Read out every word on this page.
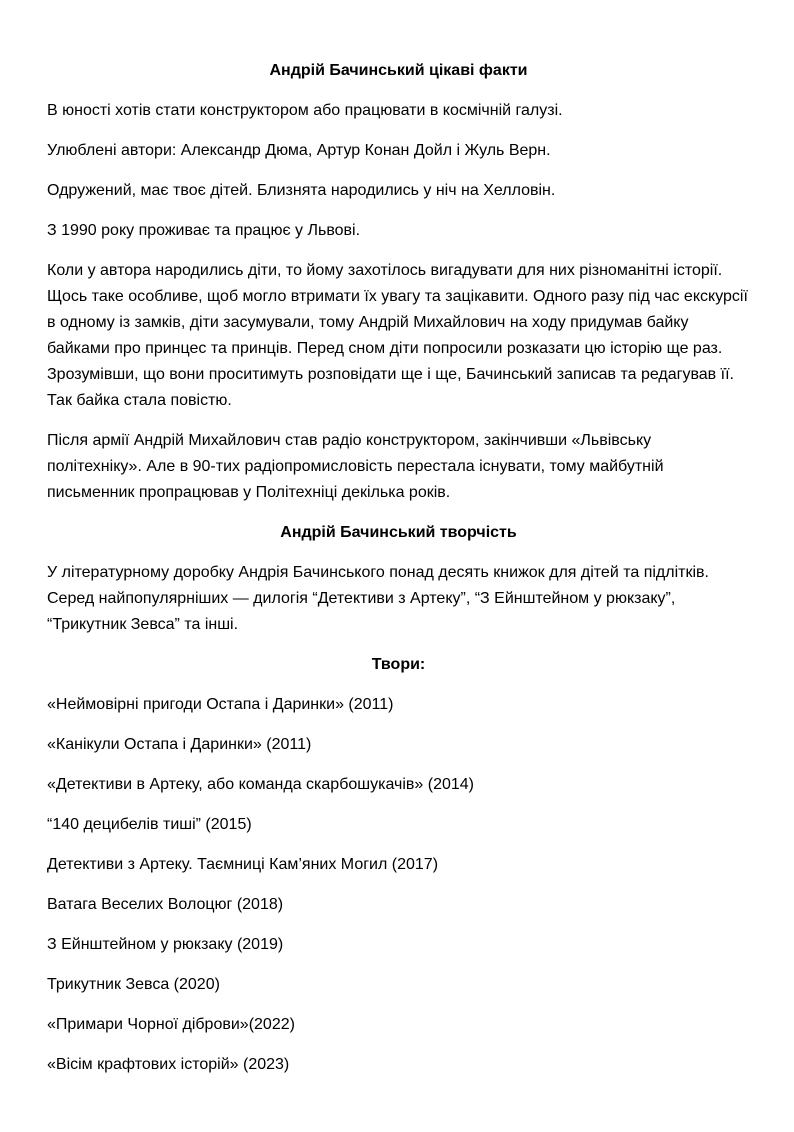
Андрій Бачинський цікаві факти

В юності хотів стати конструктором або працювати в космічній галузі.

Улюблені автори: Александр Дюма, Артур Конан Дойл і Жуль Верн.

Одружений, має твоє дітей. Близнята народились у ніч на Хелловін.

З 1990 року проживає та працює у Львові.

Коли у автора народились діти, то йому захотілось вигадувати для них різноманітні історії. Щось таке особливе, щоб могло втримати їх увагу та зацікавити. Одного разу під час екскурсії в одному із замків, діти засумували, тому Андрій Михайлович на ходу придумав байку байками про принцес та принців. Перед сном діти попросили розказати цю історію ще раз. Зрозумівши, що вони проситимуть розповідати ще і ще, Бачинський записав та редагував її. Так байка стала повістю.

Після армії Андрій Михайлович став радіо конструктором, закінчивши «Львівську політехніку». Але в 90-тих радіопромисловість перестала існувати, тому майбутній письменник пропрацював у Політехніці декілька років.

Андрій Бачинський творчість

У літературному доробку Андрія Бачинського понад десять книжок для дітей та підлітків. Серед найпопулярніших — дилогія “Детективи з Артеку”, “З Ейнштейном у рюкзаку”, “Трикутник Зевса” та інші.

Твори:

«Неймовірні пригоди Остапа і Даринки» (2011)

«Канікули Остапа і Даринки» (2011)

«Детективи в Артеку, або команда скарбошукачів» (2014)

“140 децибелів тиші” (2015)

Детективи з Артеку. Таємниці Кам’яних Могил (2017)

Ватага Веселих Волоцюг (2018)

З Ейнштейном у рюкзаку (2019)

Трикутник Зевса (2020)

«Примари Чорної діброви»(2022)

«Вісім крафтових історій» (2023)
